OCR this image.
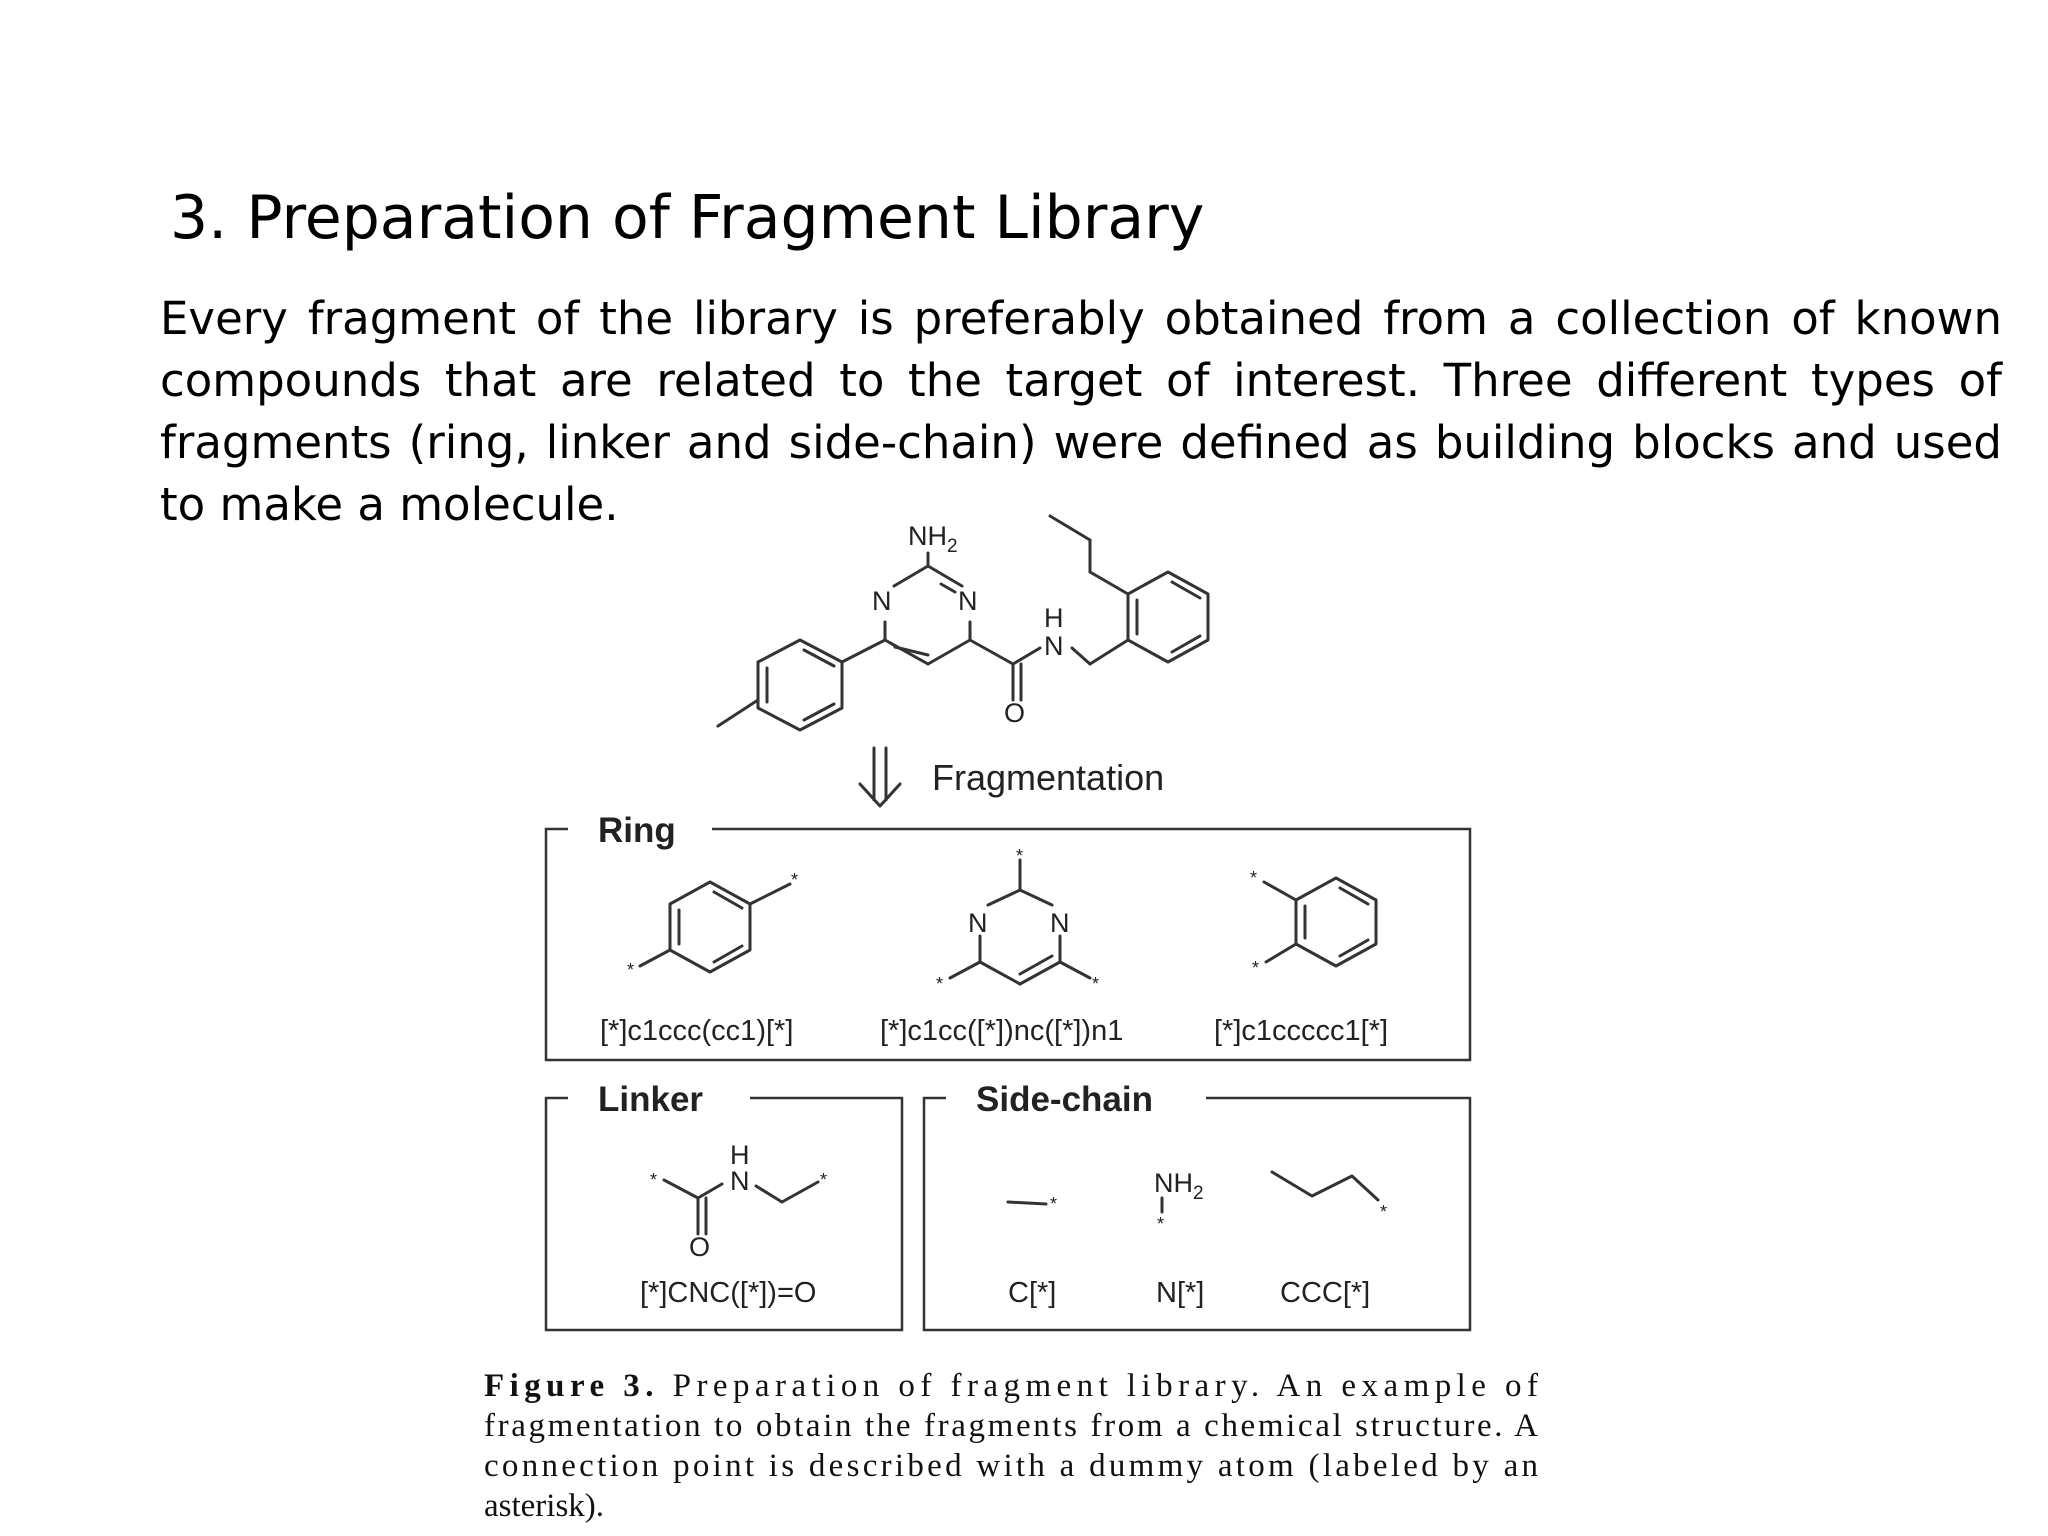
3. Preparation of Fragment Library

Every fragment of the library is preferably obtained from a collection of known compounds that are related to the target of interest. Three different types of fragments (ring, linker and side-chain) were defined as building blocks and used to make a molecule.

$NH_2$
N N
O
H
N
Fragmentation
Ring
*
*
*
*	*
N N
*
*
[*]c1ccc(cc1)[*]	[*]c1cc([*])nc([*])n1	[*]c1ccccc1[*]
Linker
*	*
H
N
O
[*]CNC([*])=O
Side-chain
*
$NH_2$
*
*
C[*]	N[*]	CCC[*]
Figure 3. Preparation of fragment library. An example of
fragmentation to obtain the fragments from a chemical structure. A
connection point is described with a dummy atom (labeled by an
asterisk).
